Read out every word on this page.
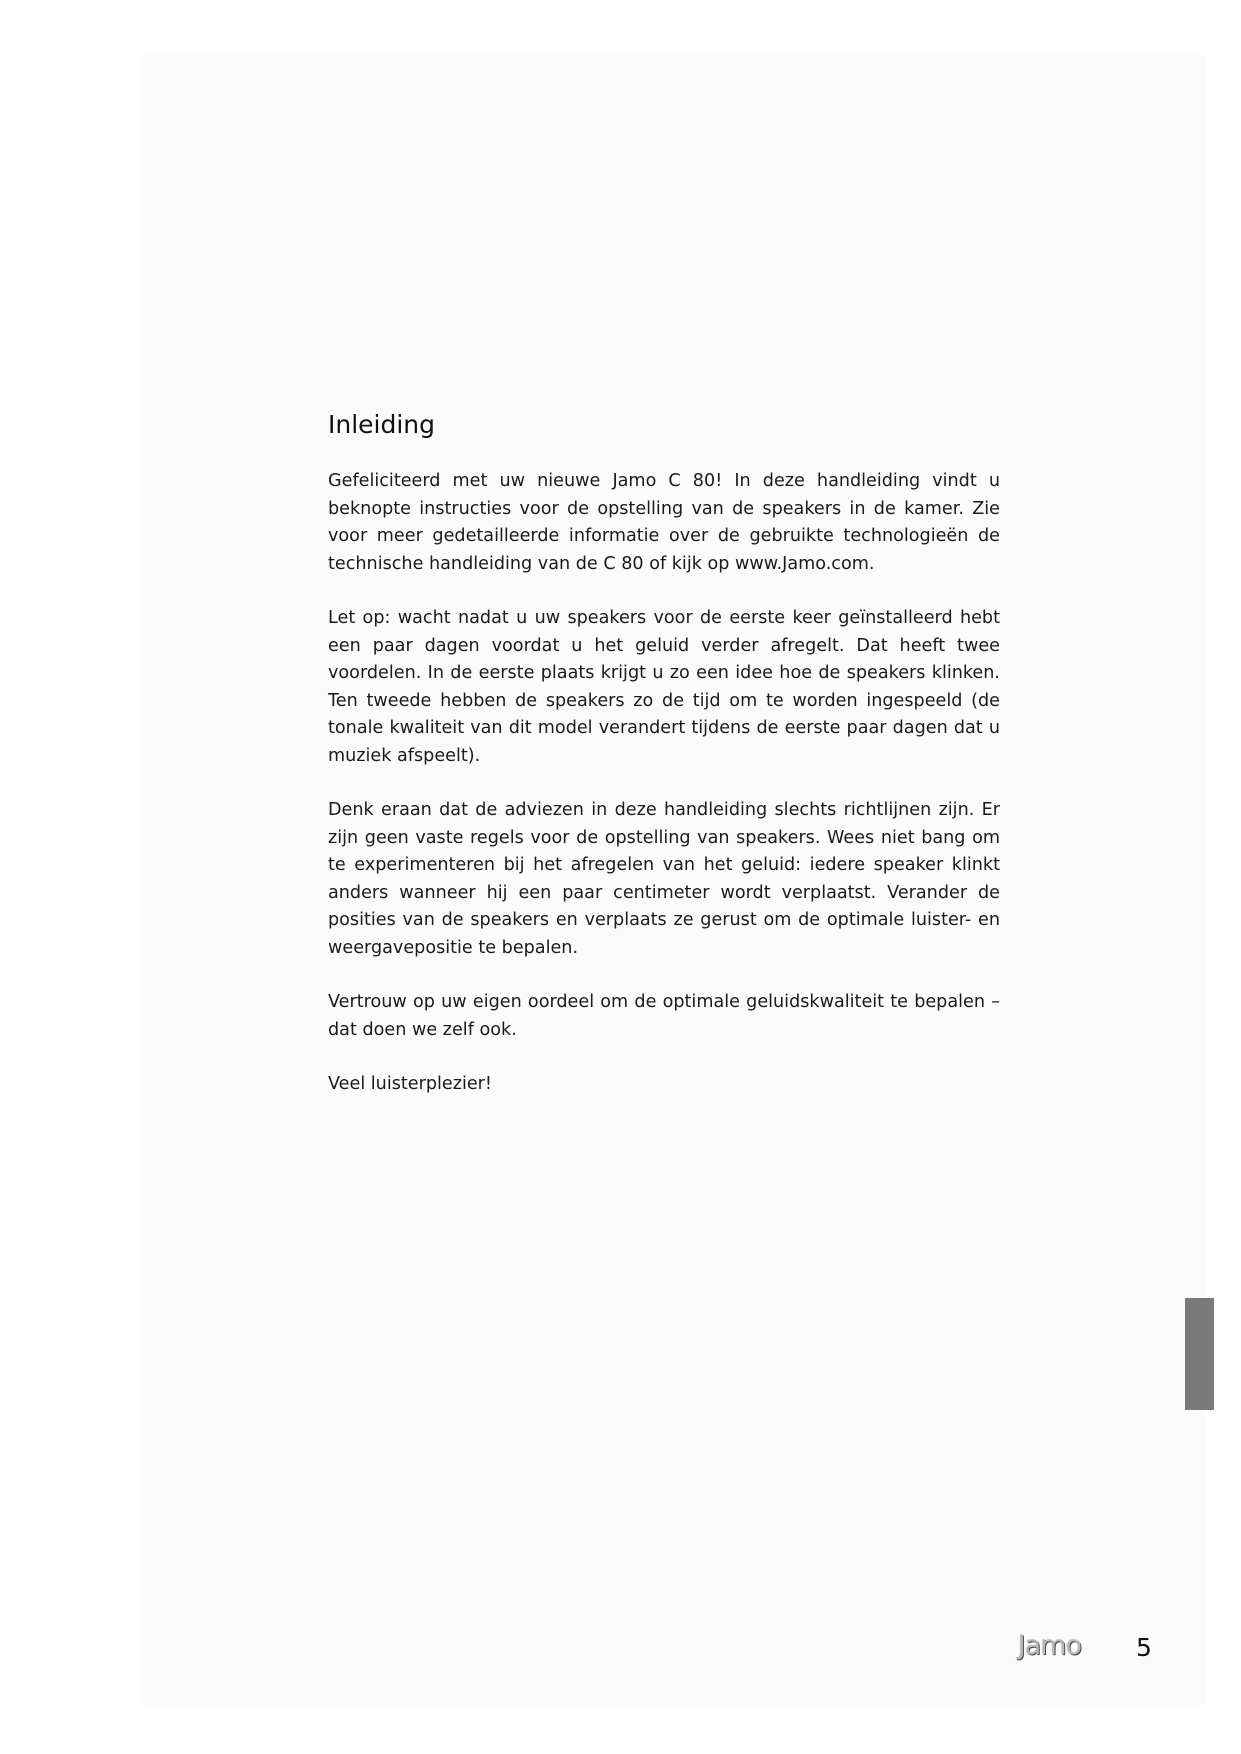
Inleiding

Gefeliciteerd met uw nieuwe Jamo C 80! In deze handleiding vindt u beknopte instructies voor de opstelling van de speakers in de kamer. Zie voor meer gedetailleerde informatie over de gebruikte technologieën de technische handleiding van de C 80 of kijk op www.Jamo.com.

Let op: wacht nadat u uw speakers voor de eerste keer geïnstalleerd hebt een paar dagen voordat u het geluid verder afregelt. Dat heeft twee voordelen. In de eerste plaats krijgt u zo een idee hoe de speakers klinken. Ten tweede hebben de speakers zo de tijd om te worden ingespeeld (de tonale kwaliteit van dit model verandert tijdens de eerste paar dagen dat u muziek afspeelt).

Denk eraan dat de adviezen in deze handleiding slechts richtlijnen zijn. Er zijn geen vaste regels voor de opstelling van speakers. Wees niet bang om te experimenteren bij het afregelen van het geluid: iedere speaker klinkt anders wanneer hij een paar centimeter wordt verplaatst. Verander de posities van de speakers en verplaats ze gerust om de optimale luister- en weergavepositie te bepalen.

Vertrouw op uw eigen oordeel om de optimale geluidskwaliteit te bepalen – dat doen we zelf ook.

Veel luisterplezier!

Jamo 5
